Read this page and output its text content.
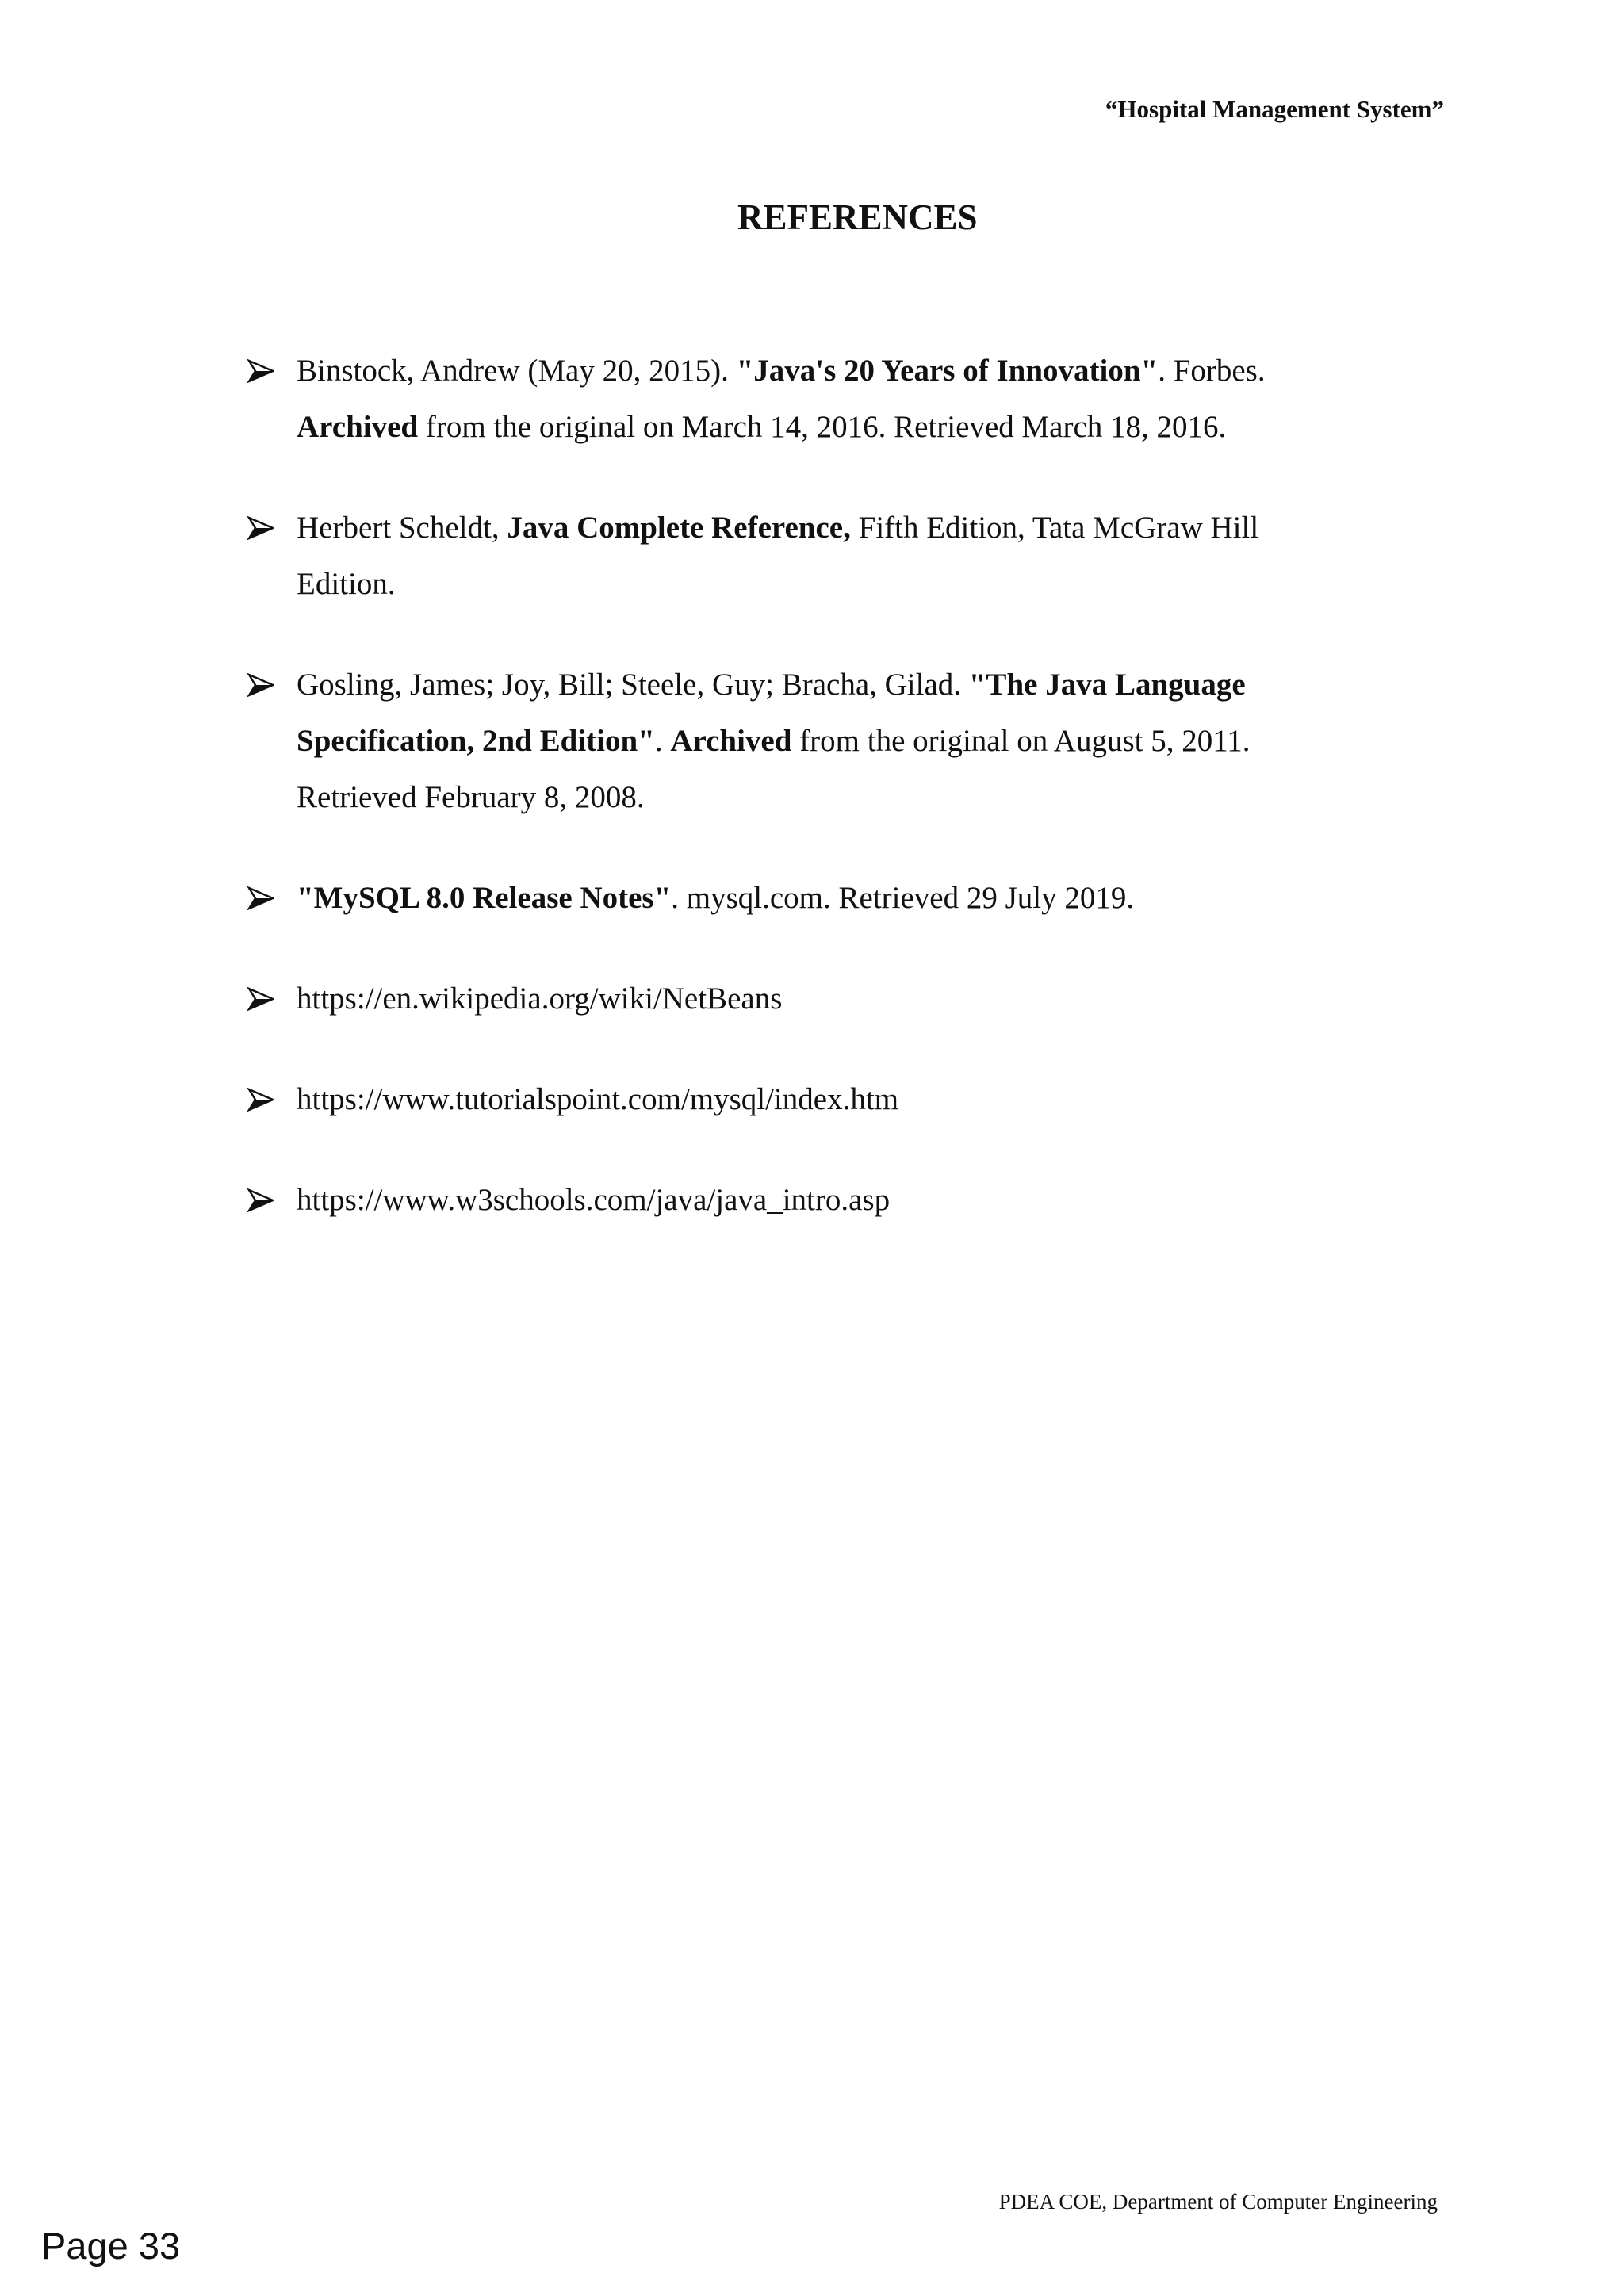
“Hospital Management System”
REFERENCES
Binstock, Andrew (May 20, 2015). "Java's 20 Years of Innovation". Forbes. Archived from the original on March 14, 2016. Retrieved March 18, 2016.
Herbert Scheldt, Java Complete Reference, Fifth Edition, Tata McGraw Hill Edition.
Gosling, James; Joy, Bill; Steele, Guy; Bracha, Gilad. "The Java Language Specification, 2nd Edition". Archived from the original on August 5, 2011. Retrieved February 8, 2008.
"MySQL 8.0 Release Notes". mysql.com. Retrieved 29 July 2019.
https://en.wikipedia.org/wiki/NetBeans
https://www.tutorialspoint.com/mysql/index.htm
https://www.w3schools.com/java/java_intro.asp
PDEA COE, Department of Computer Engineering
Page 33
